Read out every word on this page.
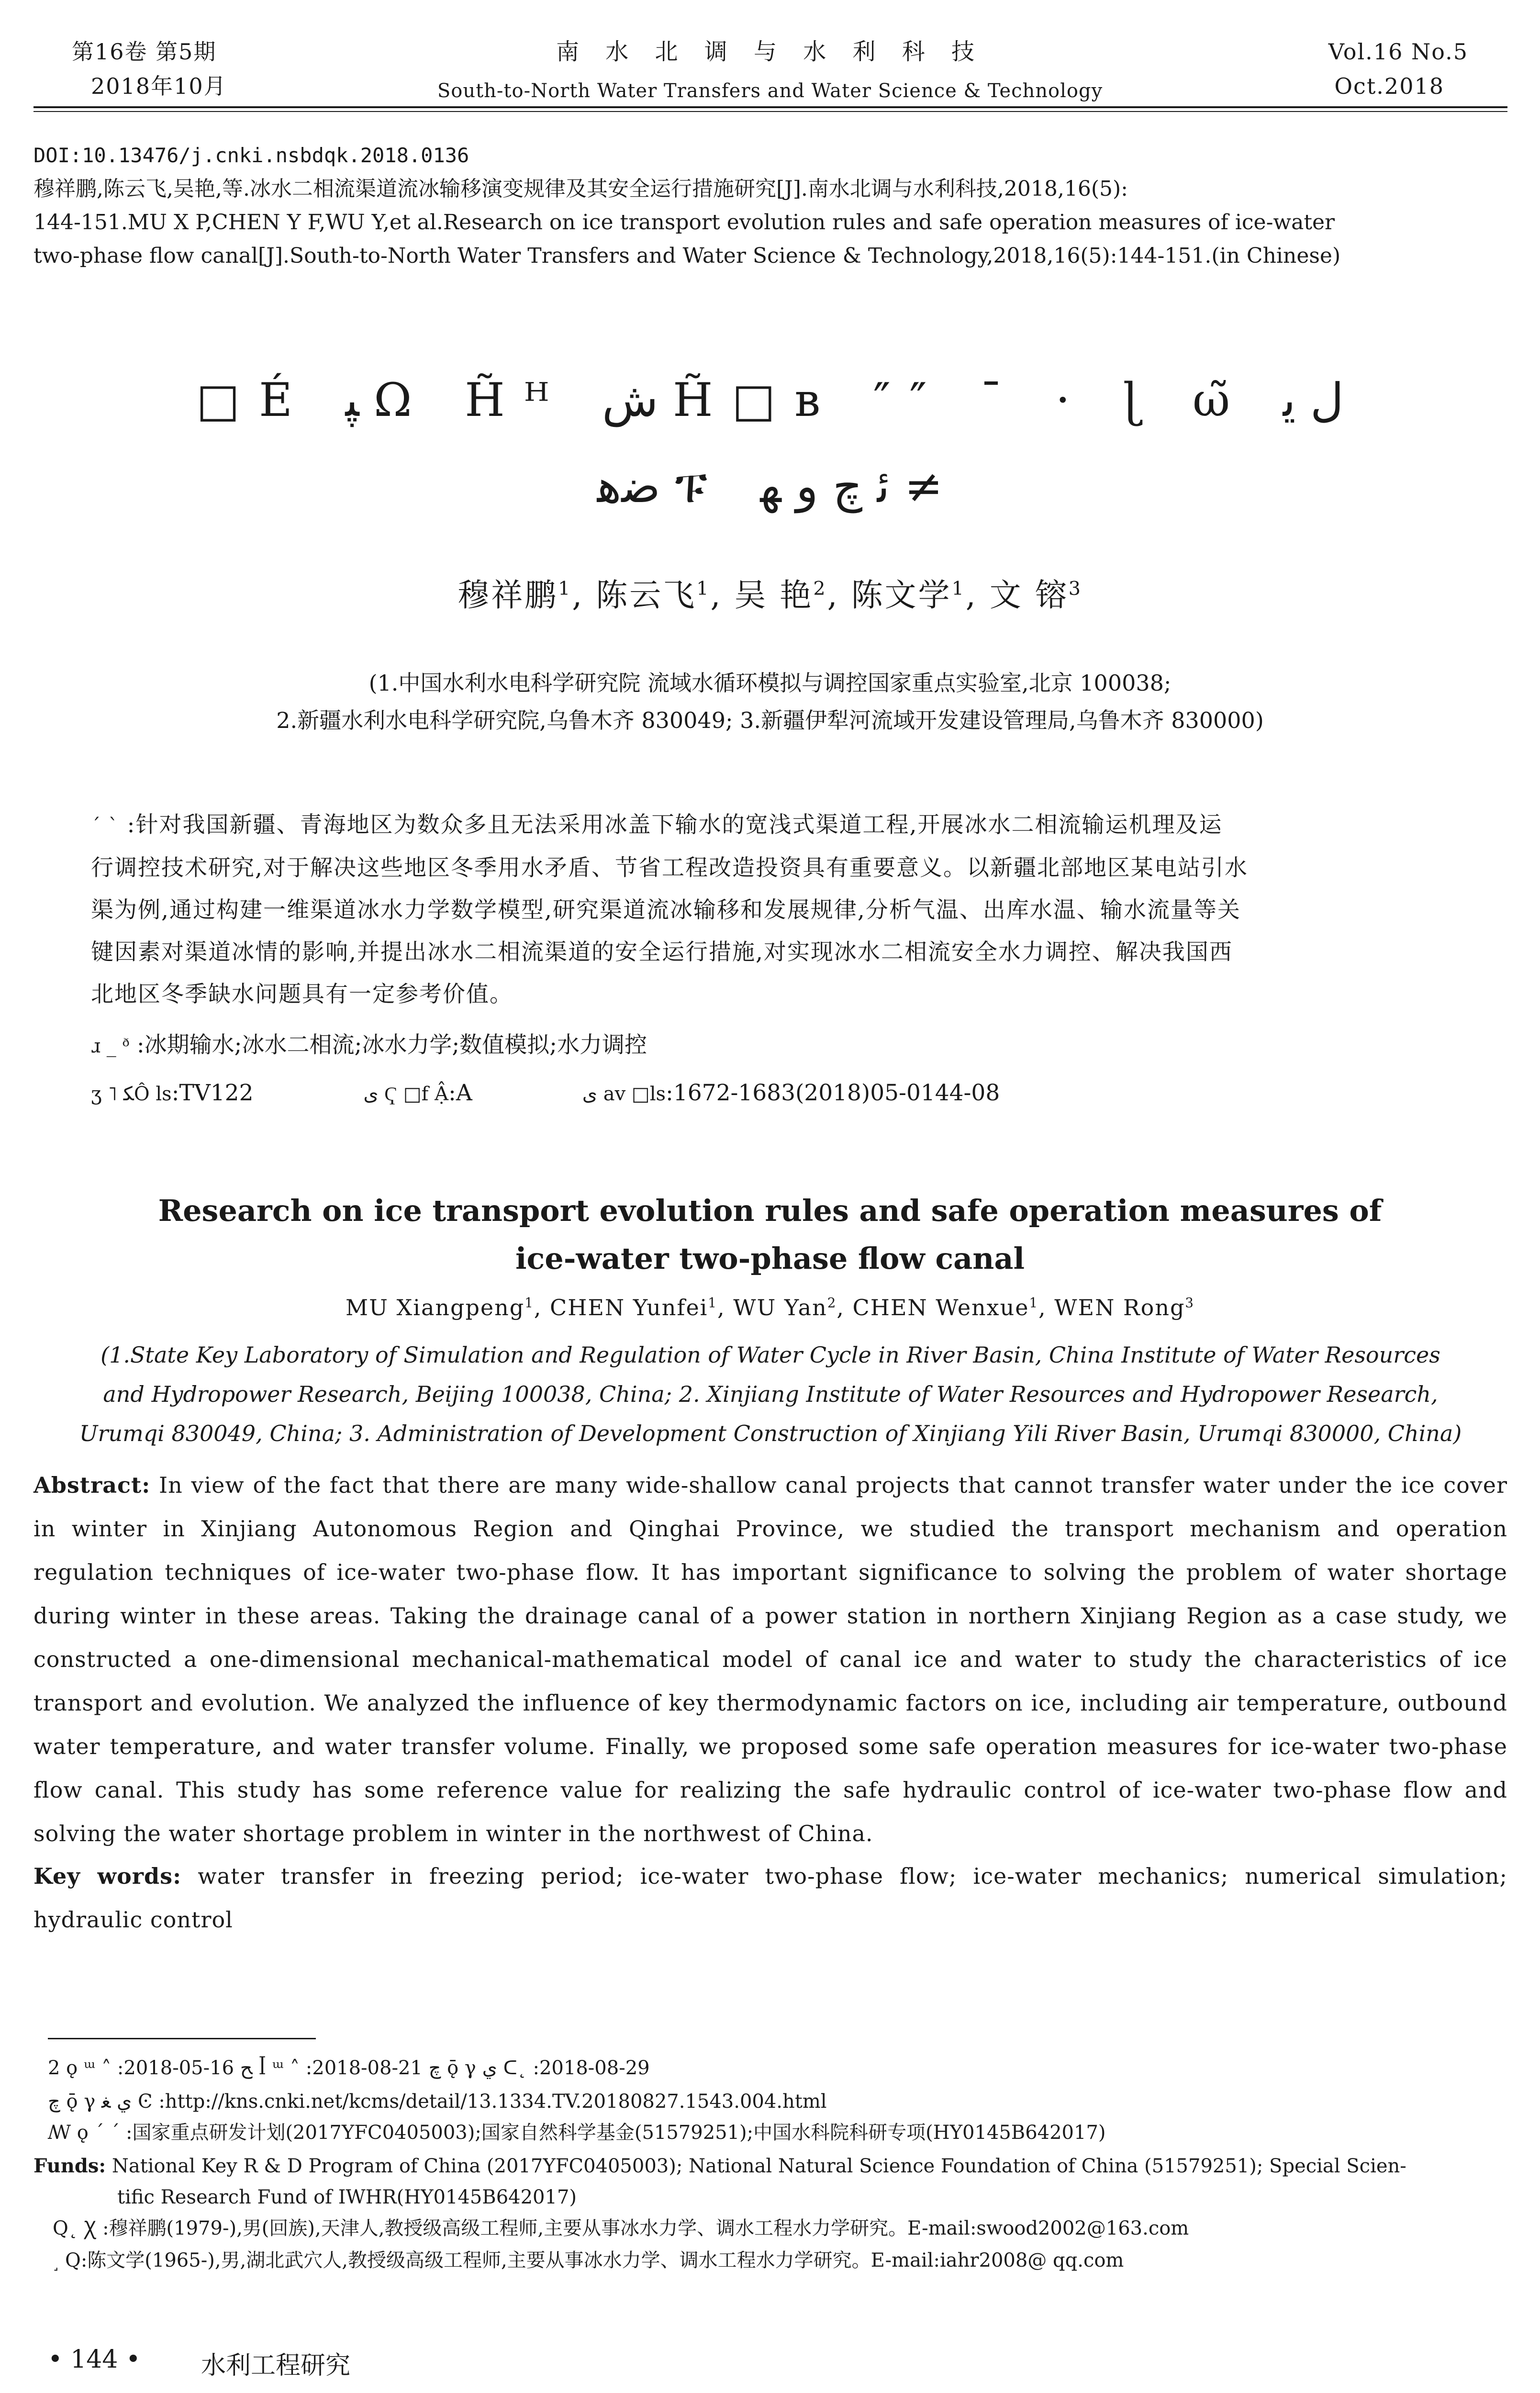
第16卷 第5期
2018年10月
南 水 北 调 与 水 利 科 技
South-to-North Water Transfers and Water Science & Technology
Vol.16 No.5
Oct.2018
DOI:10.13476/j.cnki.nsbdqk.2018.0136
穆祥鹏,陈云飞,吴艳,等.冰水二相流渠道流冰输移演变规律及其安全运行措施研究[J].南水北调与水利科技,2018,16(5):
144-151.MU X P,CHEN Y F,WU Y,et al.Research on ice transport evolution rules and safe operation measures of ice-water
two-phase flow canal[J].South-to-North Water Transfers and Water Science & Technology,2018,16(5):144-151.(in Chinese)
□É ﭙ Ω H̃ᴴ ﺵ H̃□ʙ ″″ ¯ · ɭ ω̃ ﻝ ﻳ
ﺿﻫ ፑ ﺋ ﭺ ﻭ ﻬ ≠
穆祥鹏$^1$, 陈云飞$^1$, 吴 艳$^2$, 陈文学$^1$, 文 镕$^3$
(1.中国水利水电科学研究院 流域水循环模拟与调控国家重点实验室,北京 100038;
2.新疆水利水电科学研究院,乌鲁木齐 830049; 3.新疆伊犁河流域开发建设管理局,乌鲁木齐 830000)
ˊ ˋ :针对我国新疆、青海地区为数众多且无法采用冰盖下输水的宽浅式渠道工程,开展冰水二相流输运机理及运
行调控技术研究,对于解决这些地区冬季用水矛盾、节省工程改造投资具有重要意义。以新疆北部地区某电站引水
渠为例,通过构建一维渠道冰水力学数学模型,研究渠道流冰输移和发展规律,分析气温、出库水温、输水流量等关
键因素对渠道冰情的影响,并提出冰水二相流渠道的安全运行措施,对实现冰水二相流安全水力调控、解决我国西
北地区冬季缺水问题具有一定参考价值。
ɹ _ ᶞ :冰期输水;冰水二相流;冰水力学;数值模拟;水力调控
ʒ ˥ ﮑÔ ls:TV122	ﻯ Ҁ □f Ậ:A	ﻯ av □ls:1672-1683(2018)05-0144-08
Research on ice transport evolution rules and safe operation measures of
ice-water two-phase flow canal
MU Xiangpeng$^1$, CHEN Yunfei$^1$, WU Yan$^2$, CHEN Wenxue$^1$, WEN Rong$^3$
(1.State Key Laboratory of Simulation and Regulation of Water Cycle in River Basin, China Institute of Water Resources
and Hydropower Research, Beijing 100038, China; 2. Xinjiang Institute of Water Resources and Hydropower Research,
Urumqi 830049, China; 3. Administration of Development Construction of Xinjiang Yili River Basin, Urumqi 830000, China)
Abstract: In view of the fact that there are many wide-shallow canal projects that cannot transfer water under the ice cover in winter in Xinjiang Autonomous Region and Qinghai Province, we studied the transport mechanism and operation regulation techniques of ice-water two-phase flow. It has important significance to solving the problem of water shortage during winter in these areas. Taking the drainage canal of a power station in northern Xinjiang Region as a case study, we constructed a one-dimensional mechanical-mathematical model of canal ice and water to study the characteristics of ice transport and evolution. We analyzed the influence of key thermodynamic factors on ice, including air temperature, outbound water temperature, and water transfer volume. Finally, we proposed some safe operation measures for ice-water two-phase flow canal. This study has some reference value for realizing the safe hydraulic control of ice-water two-phase flow and solving the water shortage problem in winter in the northwest of China.
Key words: water transfer in freezing period; ice-water two-phase flow; ice-water mechanics; numerical simulation; hydraulic control
2 ǫ ᵚ ˄ :2018-05-16 ﺢ ꟾ ᵚ ˄ :2018-08-21 ﭺ ǭ γ ﻱ ᑕ˛ :2018-08-29
ﭺ ǭ γ ﻱ ﻐ Ͼ :http://kns.cnki.net/kcms/detail/13.1334.TV.20180827.1543.004.html
ꟿ ǫ ˊ ˊ :国家重点研发计划(2017YFC0405003);国家自然科学基金(51579251);中国水科院科研专项(HY0145B642017)
Funds: National Key R & D Program of China (2017YFC0405003); National Natural Science Foundation of China (51579251); Special Scien-
tific Research Fund of IWHR(HY0145B642017)
Q˛ Ꭓ :穆祥鹏(1979-),男(回族),天津人,教授级高级工程师,主要从事冰水力学、调水工程水力学研究。E-mail:swood2002@163.com
˼ Q:陈文学(1965-),男,湖北武穴人,教授级高级工程师,主要从事冰水力学、调水工程水力学研究。E-mail:iahr2008@ qq.com
• 144 • 水利工程研究
